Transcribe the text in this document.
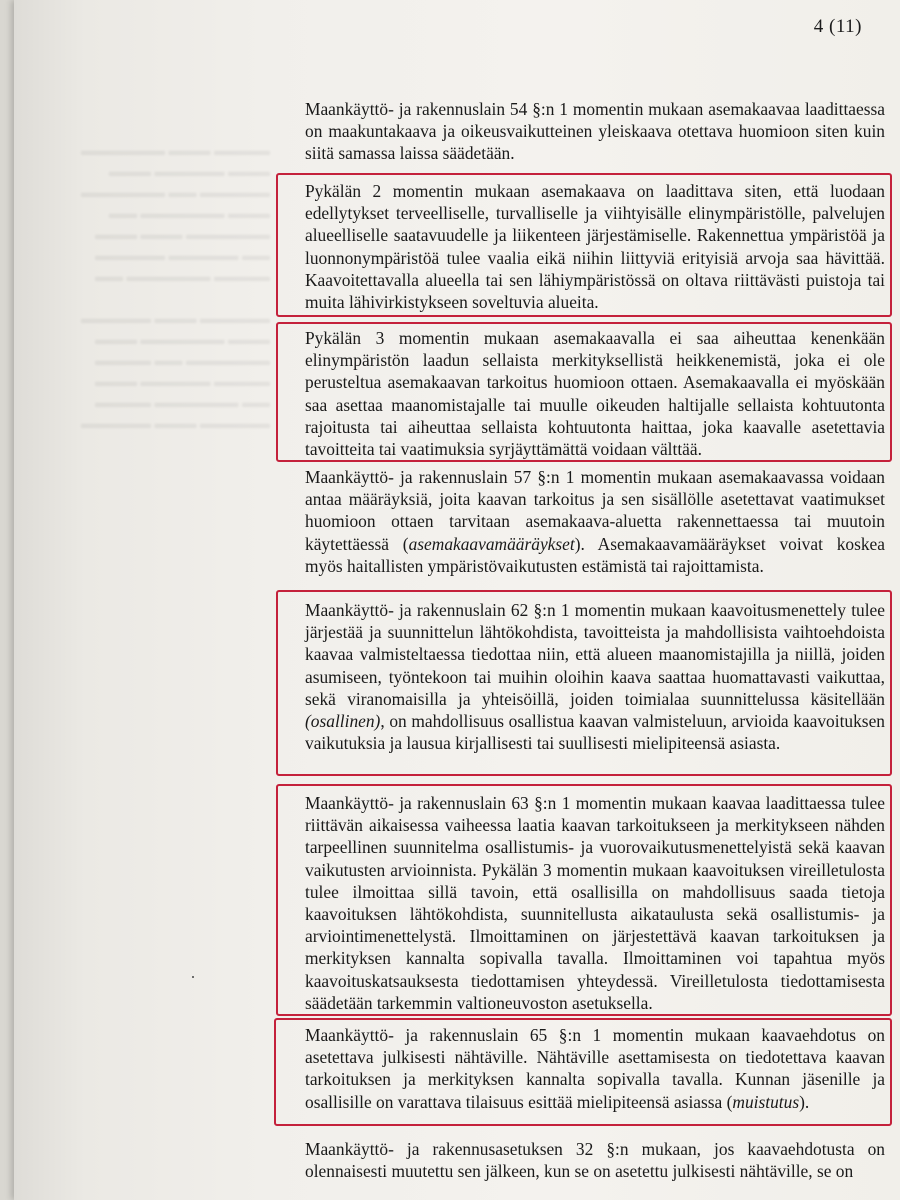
▬▬▬▬ ▬▬▬ ▬▬▬▬▬▬
▬▬▬ ▬▬▬▬▬ ▬▬▬
▬▬▬▬▬ ▬▬ ▬▬▬▬▬▬
▬▬▬ ▬▬▬▬▬▬ ▬▬
▬▬▬▬▬▬ ▬▬▬ ▬▬▬
▬▬ ▬▬▬▬▬ ▬▬▬▬▬
▬▬▬▬ ▬▬▬▬▬▬ ▬▬

▬▬▬▬▬ ▬▬▬ ▬▬▬▬▬
▬▬▬ ▬▬▬▬▬▬ ▬▬▬
▬▬▬▬▬▬ ▬▬ ▬▬▬▬
▬▬▬▬ ▬▬▬▬▬ ▬▬▬
▬▬ ▬▬▬▬▬▬ ▬▬▬▬
▬▬▬▬▬ ▬▬▬ ▬▬▬▬▬

4 (11)

Maankäyttö- ja rakennuslain 54 §:n 1 momentin mukaan asemakaavaa laadittaessa on maakuntakaava ja oikeusvaikutteinen yleiskaava otettava huomioon siten kuin siitä samassa laissa säädetään.

Pykälän 2 momentin mukaan asemakaava on laadittava siten, että luodaan edellytykset terveelliselle, turvalliselle ja viihtyisälle elinympäristölle, palvelujen alueelliselle saatavuudelle ja liikenteen järjestämiselle. Rakennettua ympäristöä ja luonnonympäristöä tulee vaalia eikä niihin liittyviä erityisiä arvoja saa hävittää. Kaavoitettavalla alueella tai sen lähiympäristössä on oltava riittävästi puistoja tai muita lähivirkistykseen soveltuvia alueita.

Pykälän 3 momentin mukaan asemakaavalla ei saa aiheuttaa kenenkään elinympäristön laadun sellaista merkityksellistä heikkenemistä, joka ei ole perusteltua asemakaavan tarkoitus huomioon ottaen. Asemakaavalla ei myöskään saa asettaa maanomistajalle tai muulle oikeuden haltijalle sellaista kohtuutonta rajoitusta tai aiheuttaa sellaista kohtuutonta haittaa, joka kaavalle asetettavia tavoitteita tai vaatimuksia syrjäyttämättä voidaan välttää.

Maankäyttö- ja rakennuslain 57 §:n 1 momentin mukaan asemakaavassa voidaan antaa määräyksiä, joita kaavan tarkoitus ja sen sisällölle asetettavat vaatimukset huomioon ottaen tarvitaan asemakaava-aluetta rakennettaessa tai muutoin käytettäessä (asemakaavamääräykset). Asemakaavamääräykset voivat koskea myös haitallisten ympäristövaikutusten estämistä tai rajoittamista.

Maankäyttö- ja rakennuslain 62 §:n 1 momentin mukaan kaavoitusmenettely tulee järjestää ja suunnittelun lähtökohdista, tavoitteista ja mahdollisista vaihtoehdoista kaavaa valmisteltaessa tiedottaa niin, että alueen maanomistajilla ja niillä, joiden asumiseen, työntekoon tai muihin oloihin kaava saattaa huomattavasti vaikuttaa, sekä viranomaisilla ja yhteisöillä, joiden toimialaa suunnittelussa käsitellään (osallinen), on mahdollisuus osallistua kaavan valmisteluun, arvioida kaavoituksen vaikutuksia ja lausua kirjallisesti tai suullisesti mielipiteensä asiasta.

Maankäyttö- ja rakennuslain 63 §:n 1 momentin mukaan kaavaa laadittaessa tulee riittävän aikaisessa vaiheessa laatia kaavan tarkoitukseen ja merkitykseen nähden tarpeellinen suunnitelma osallistumis- ja vuorovaikutusmenettelyistä sekä kaavan vaikutusten arvioinnista. Pykälän 3 momentin mukaan kaavoituksen vireilletulosta tulee ilmoittaa sillä tavoin, että osallisilla on mahdollisuus saada tietoja kaavoituksen lähtökohdista, suunnitellusta aikataulusta sekä osallistumis- ja arviointimenettelystä. Ilmoittaminen on järjestettävä kaavan tarkoituksen ja merkityksen kannalta sopivalla tavalla. Ilmoittaminen voi tapahtua myös kaavoituskatsauksesta tiedottamisen yhteydessä. Vireilletulosta tiedottamisesta säädetään tarkemmin valtioneuvoston asetuksella.

Maankäyttö- ja rakennuslain 65 §:n 1 momentin mukaan kaavaehdotus on asetettava julkisesti nähtäville. Nähtäville asettamisesta on tiedotettava kaavan tarkoituksen ja merkityksen kannalta sopivalla tavalla. Kunnan jäsenille ja osallisille on varattava tilaisuus esittää mielipiteensä asiassa (muistutus).

Maankäyttö- ja rakennusasetuksen 32 §:n mukaan, jos kaavaehdotusta on olennaisesti muutettu sen jälkeen, kun se on asetettu julkisesti nähtäville, se on
